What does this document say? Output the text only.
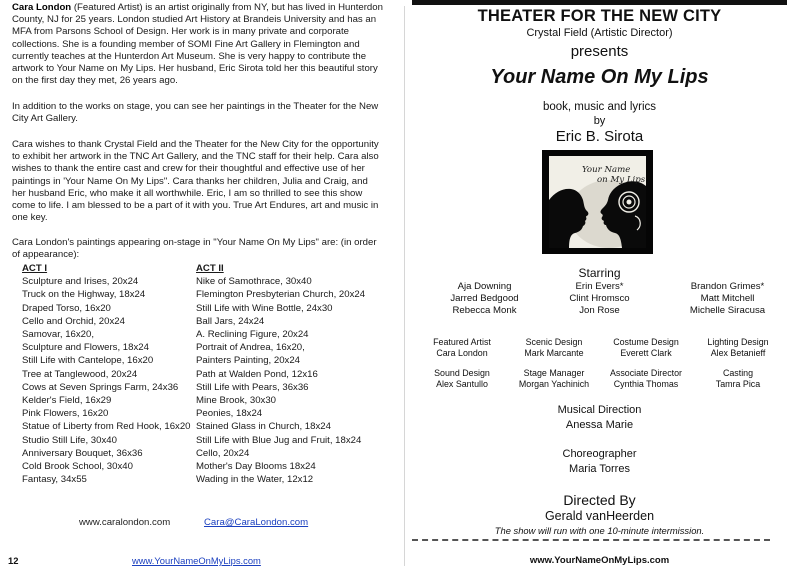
Cara London (Featured Artist) is an artist originally from NY, but has lived in Hunterdon County, NJ for 25 years. London studied Art History at Brandeis University and has an MFA from Parsons School of Design. Her work is in many private and corporate collections. She is a founding member of SOMI Fine Art Gallery in Flemington and currently teaches at the Hunterdon Art Museum. She is very happy to contribute the artwork to Your Name on My Lips. Her husband, Eric Sirota told her this beautiful story on the first day they met, 26 years ago.

In addition to the works on stage, you can see her paintings in the Theater for the New City Art Gallery.

Cara wishes to thank Crystal Field and the Theater for the New City for the opportunity to exhibit her artwork in the TNC Art Gallery, and the TNC staff for their help. Cara also wishes to thank the entire cast and crew for their thoughtful and effective use of her paintings in 'Your Name On My Lips". Cara thanks her children, Julia and Craig, and her husband Eric, who make it all worthwhile. Eric, I am so thrilled to see this show come to life. I am blessed to be a part of it with you. True Art Endures, art and music in one key.

Cara London's paintings appearing on-stage in "Your Name On My Lips" are: (in order of appearance):

ACT I
Sculpture and Irises, 20x24
Truck on the Highway, 18x24
Draped Torso, 16x20
Cello and Orchid, 20x24
Samovar, 16x20,
Sculpture and Flowers, 18x24
Still Life with Cantelope, 16x20
Tree at Tanglewood, 20x24
Cows at Seven Springs Farm, 24x36
Kelder's Field, 16x29
Pink Flowers, 16x20
Statue of Liberty from Red Hook, 16x20
Studio Still Life, 30x40
Anniversary Bouquet, 36x36
Cold Brook School, 30x40
Fantasy, 34x55
ACT II
Nike of Samothrace, 30x40
Flemington Presbyterian Church, 20x24
Still Life with Wine Bottle, 24x30
Ball Jars, 24x24
A. Reclining Figure, 20x24
Portrait of Andrea, 16x20,
Painters Painting, 20x24
Path at Walden Pond, 12x16
Still Life with Pears, 36x36
Mine Brook, 30x30
Peonies, 18x24
Stained Glass in Church, 18x24
Still Life with Blue Jug and Fruit, 18x24
Cello, 20x24
Mother's Day Blooms 18x24
Wading in the Water, 12x12
www.caralondon.com	Cara@CaraLondon.com
12	www.YourNameOnMyLips.com
THEATER FOR THE NEW CITY
Crystal Field (Artistic Director)
presents
Your Name On My Lips
book, music and lyrics
by
Eric B. Sirota
Your Name
on My Lips
Starring
Aja Downing
Jarred Bedgood
Rebecca Monk
Erin Evers*
Clint Hromsco
Jon Rose
Brandon Grimes*
Matt Mitchell
Michelle Siracusa
Featured Artist
Cara London
Scenic Design
Mark Marcante
Costume Design
Everett Clark
Lighting Design
Alex Betanieff
Sound Design
Alex Santullo
Stage Manager
Morgan Yachinich
Associate Director
Cynthia Thomas
Casting
Tamra Pica
Musical Direction
Anessa Marie
Choreographer
Maria Torres
Directed By
Gerald vanHeerden
The show will run with one 10-minute intermission.
www.YourNameOnMyLips.com
